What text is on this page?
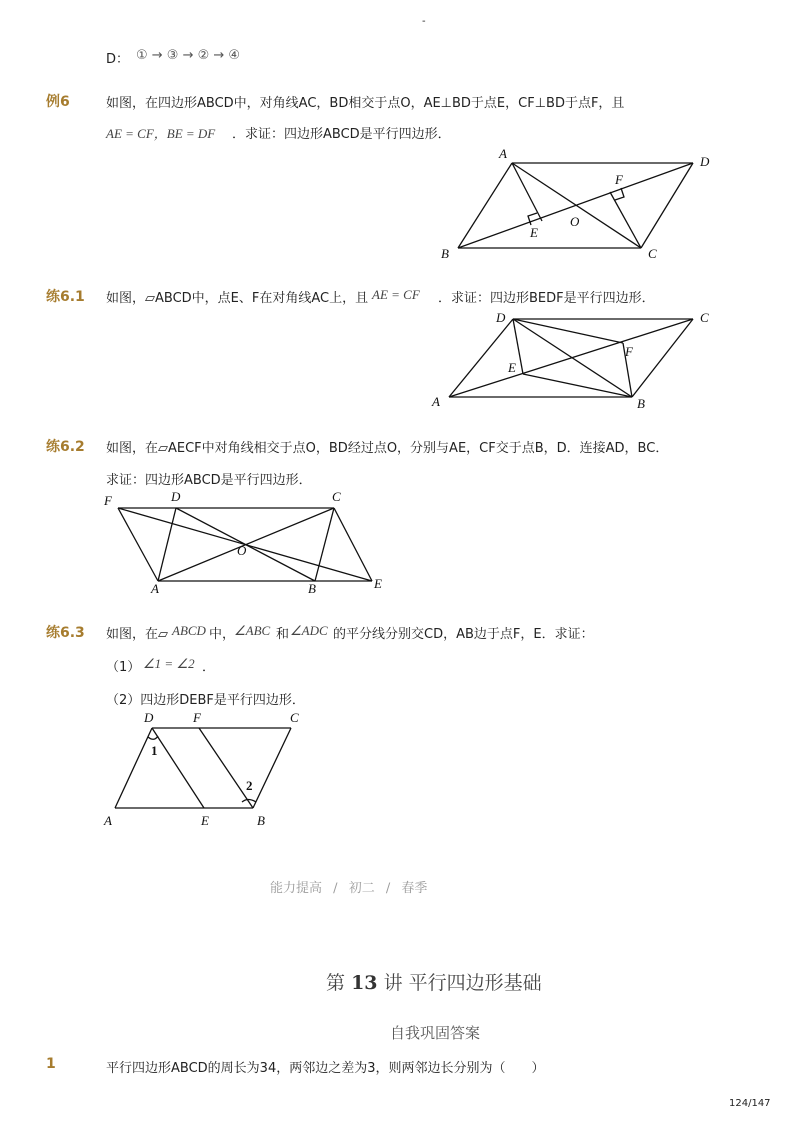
-
D： ① → ③ → ② → ④
例6	如图，在四边形ABCD中，对角线AC，BD相交于点O，AE⊥BD于点E，CF⊥BD于点F，且
AE = CF，BE = DF ．求证：四边形ABCD是平行四边形．
A
D
F
E
O
B	C
练6.1 如图，▱ABCD中，点E、F在对角线AC上，且 AE = CF ．求证：四边形BEDF是平行四边形．
D	C
F
E
A	B
练6.2 如图，在▱AECF中对角线相交于点O，BD经过点O，分别与AE，CF交于点B，D．连接AD，BC．
求证：四边形ABCD是平行四边形．
F	D	C
O
A	B	E
练6.3 如图，在▱ ABCD 中，
∠ABC 和 ∠ADC 的平分线分别交CD，AB边于点F，E．求证：
（1） ∠1 = ∠2 ．
（2）四边形DEBF是平行四边形．
D	F	C
1
2
A	E	B
能力提高 / 初二 / 春季
第 13 讲 平行四边形基础
自我巩固答案
1	平行四边形ABCD的周长为34，两邻边之差为3，则两邻边长分别为（　　）
124/147
